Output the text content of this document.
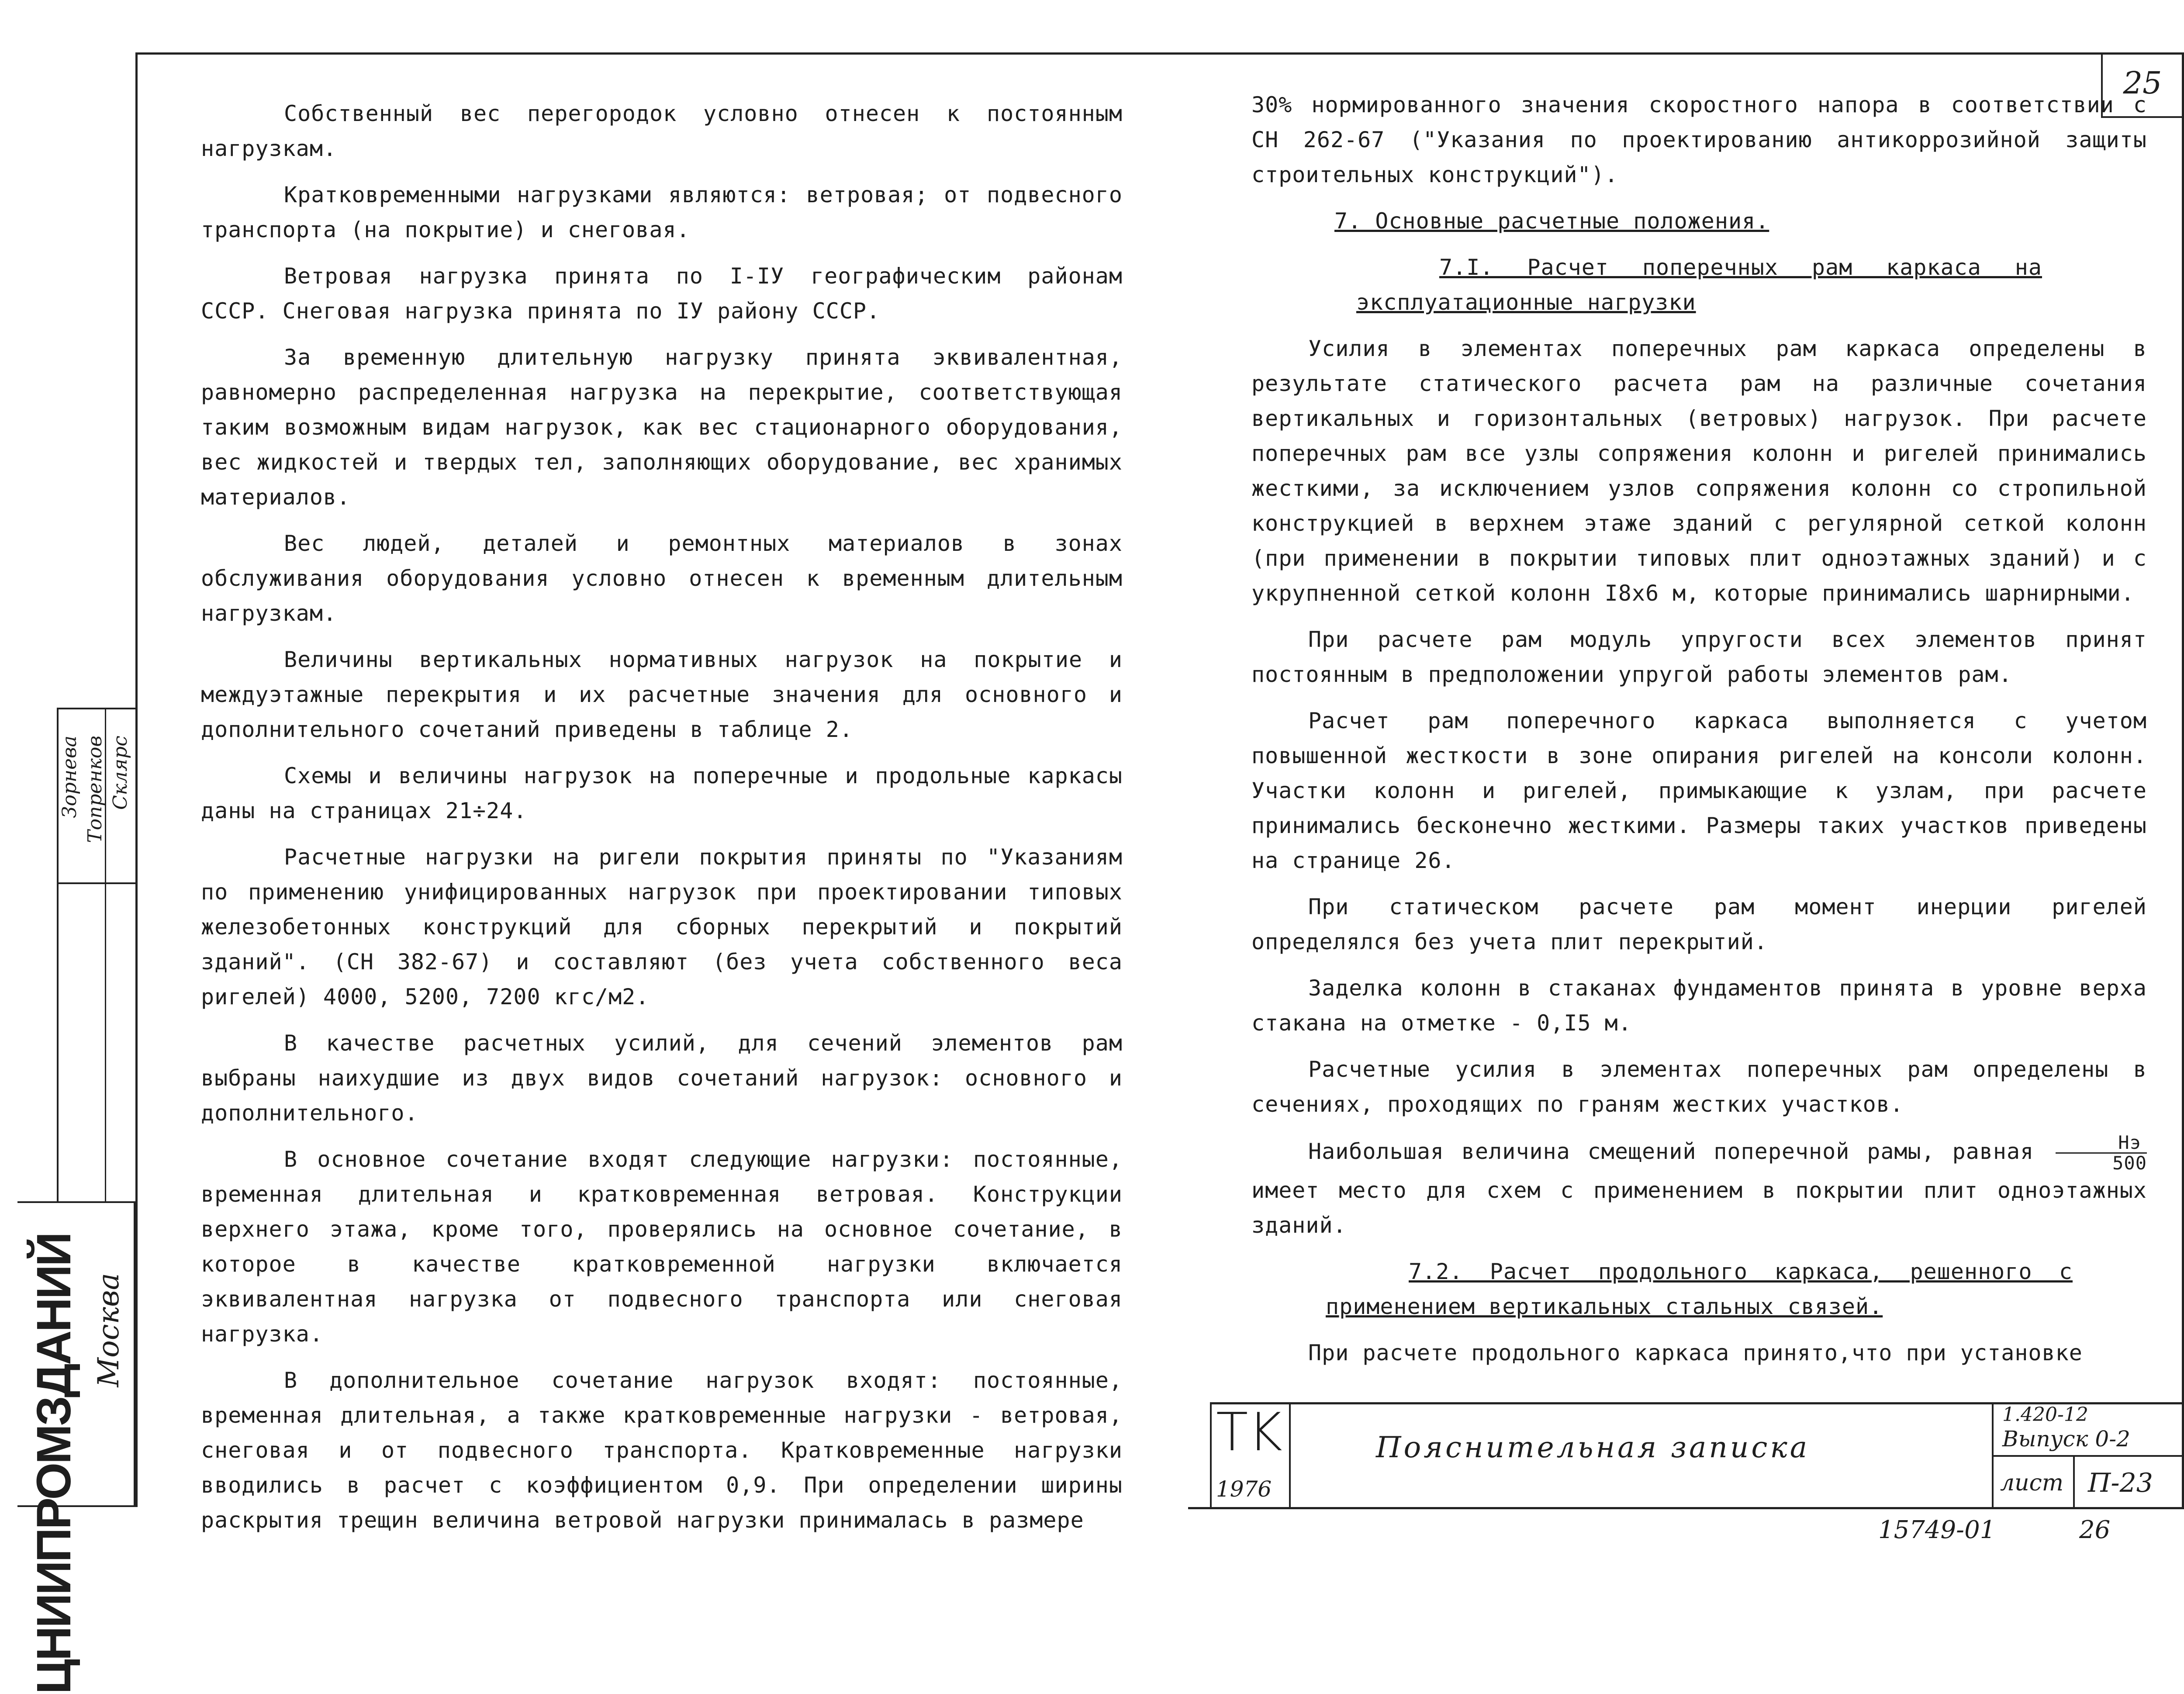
25

Собственный вес перегородок условно отнесен к постоянным нагрузкам.

Кратковременными нагрузками являются: ветровая; от подвесного транспорта (на покрытие) и снеговая.

Ветровая нагрузка принята по I-IУ географическим районам СССР. Снеговая нагрузка принята по IУ району СССР.

За временную длительную нагрузку принята эквивалентная, равномерно распределенная нагрузка на перекрытие, соответствующая таким возможным видам нагрузок, как вес стационарного оборудования, вес жидкостей и твердых тел, заполняющих оборудование, вес хранимых материалов.

Вес людей, деталей и ремонтных материалов в зонах обслуживания оборудования условно отнесен к временным длительным нагрузкам.

Величины вертикальных нормативных нагрузок на покрытие и междуэтажные перекрытия и их расчетные значения для основного и дополнительного сочетаний приведены в таблице 2.

Схемы и величины нагрузок на поперечные и продольные каркасы даны на страницах 21÷24.

Расчетные нагрузки на ригели покрытия приняты по "Указаниям по применению унифицированных нагрузок при проектировании типовых железобетонных конструкций для сборных перекрытий и покрытий зданий". (СН 382-67) и составляют (без учета собственного веса ригелей) 4000, 5200, 7200 кгс/м2.

В качестве расчетных усилий, для сечений элементов рам выбраны наихудшие из двух видов сочетаний нагрузок: основного и дополнительного.

В основное сочетание входят следующие нагрузки: постоянные, временная длительная и кратковременная ветровая. Конструкции верхнего этажа, кроме того, проверялись на основное сочетание, в которое в качестве кратковременной нагрузки включается эквивалентная нагрузка от подвесного транспорта или снеговая нагрузка.

В дополнительное сочетание нагрузок входят: постоянные, временная длительная, а также кратковременные нагрузки - ветровая, снеговая и от подвесного транспорта. Кратковременные нагрузки вводились в расчет с коэффициентом 0,9. При определении ширины раскрытия трещин величина ветровой нагрузки принималась в размере

30% нормированного значения скоростного напора в соответствии с СН 262-67 ("Указания по проектированию антикоррозийной защиты строительных конструкций").

7. Основные расчетные положения.

7.I. Расчет поперечных рам каркаса на эксплуатационные нагрузки

Усилия в элементах поперечных рам каркаса определены в результате статического расчета рам на различные сочетания вертикальных и горизонтальных (ветровых) нагрузок. При расчете поперечных рам все узлы сопряжения колонн и ригелей принимались жесткими, за исключением узлов сопряжения колонн со стропильной конструкцией в верхнем этаже зданий с регулярной сеткой колонн (при применении в покрытии типовых плит одноэтажных зданий) и с укрупненной сеткой колонн I8x6 м, которые принимались шарнирными.

При расчете рам модуль упругости всех элементов принят постоянным в предположении упругой работы элементов рам.

Расчет рам поперечного каркаса выполняется с учетом повышенной жесткости в зоне опирания ригелей на консоли колонн. Участки колонн и ригелей, примыкающие к узлам, при расчете принимались бесконечно жесткими. Размеры таких участков приведены на странице 26.

При статическом расчете рам момент инерции ригелей определялся без учета плит перекрытий.

Заделка колонн в стаканах фундаментов принята в уровне верха стакана на отметке - 0,I5 м.

Расчетные усилия в элементах поперечных рам определены в сечениях, проходящих по граням жестких участков.

Наибольшая величина смещений поперечной рамы, равная $\frac{Hэ}{500}$
имеет место для схем с применением в покрытии плит одноэтажных зданий.

7.2. Расчет продольного каркаса, решенного с применением вертикальных стальных связей.

При расчете продольного каркаса принято,что при установке

TK
1976
Пояснительная записка
1.420-12
Выпуск 0-2
лист П-23
15749-01	26
ЦНИИПРОМЗДАНИЙ Москва
Зорнева Топренков Склярс
